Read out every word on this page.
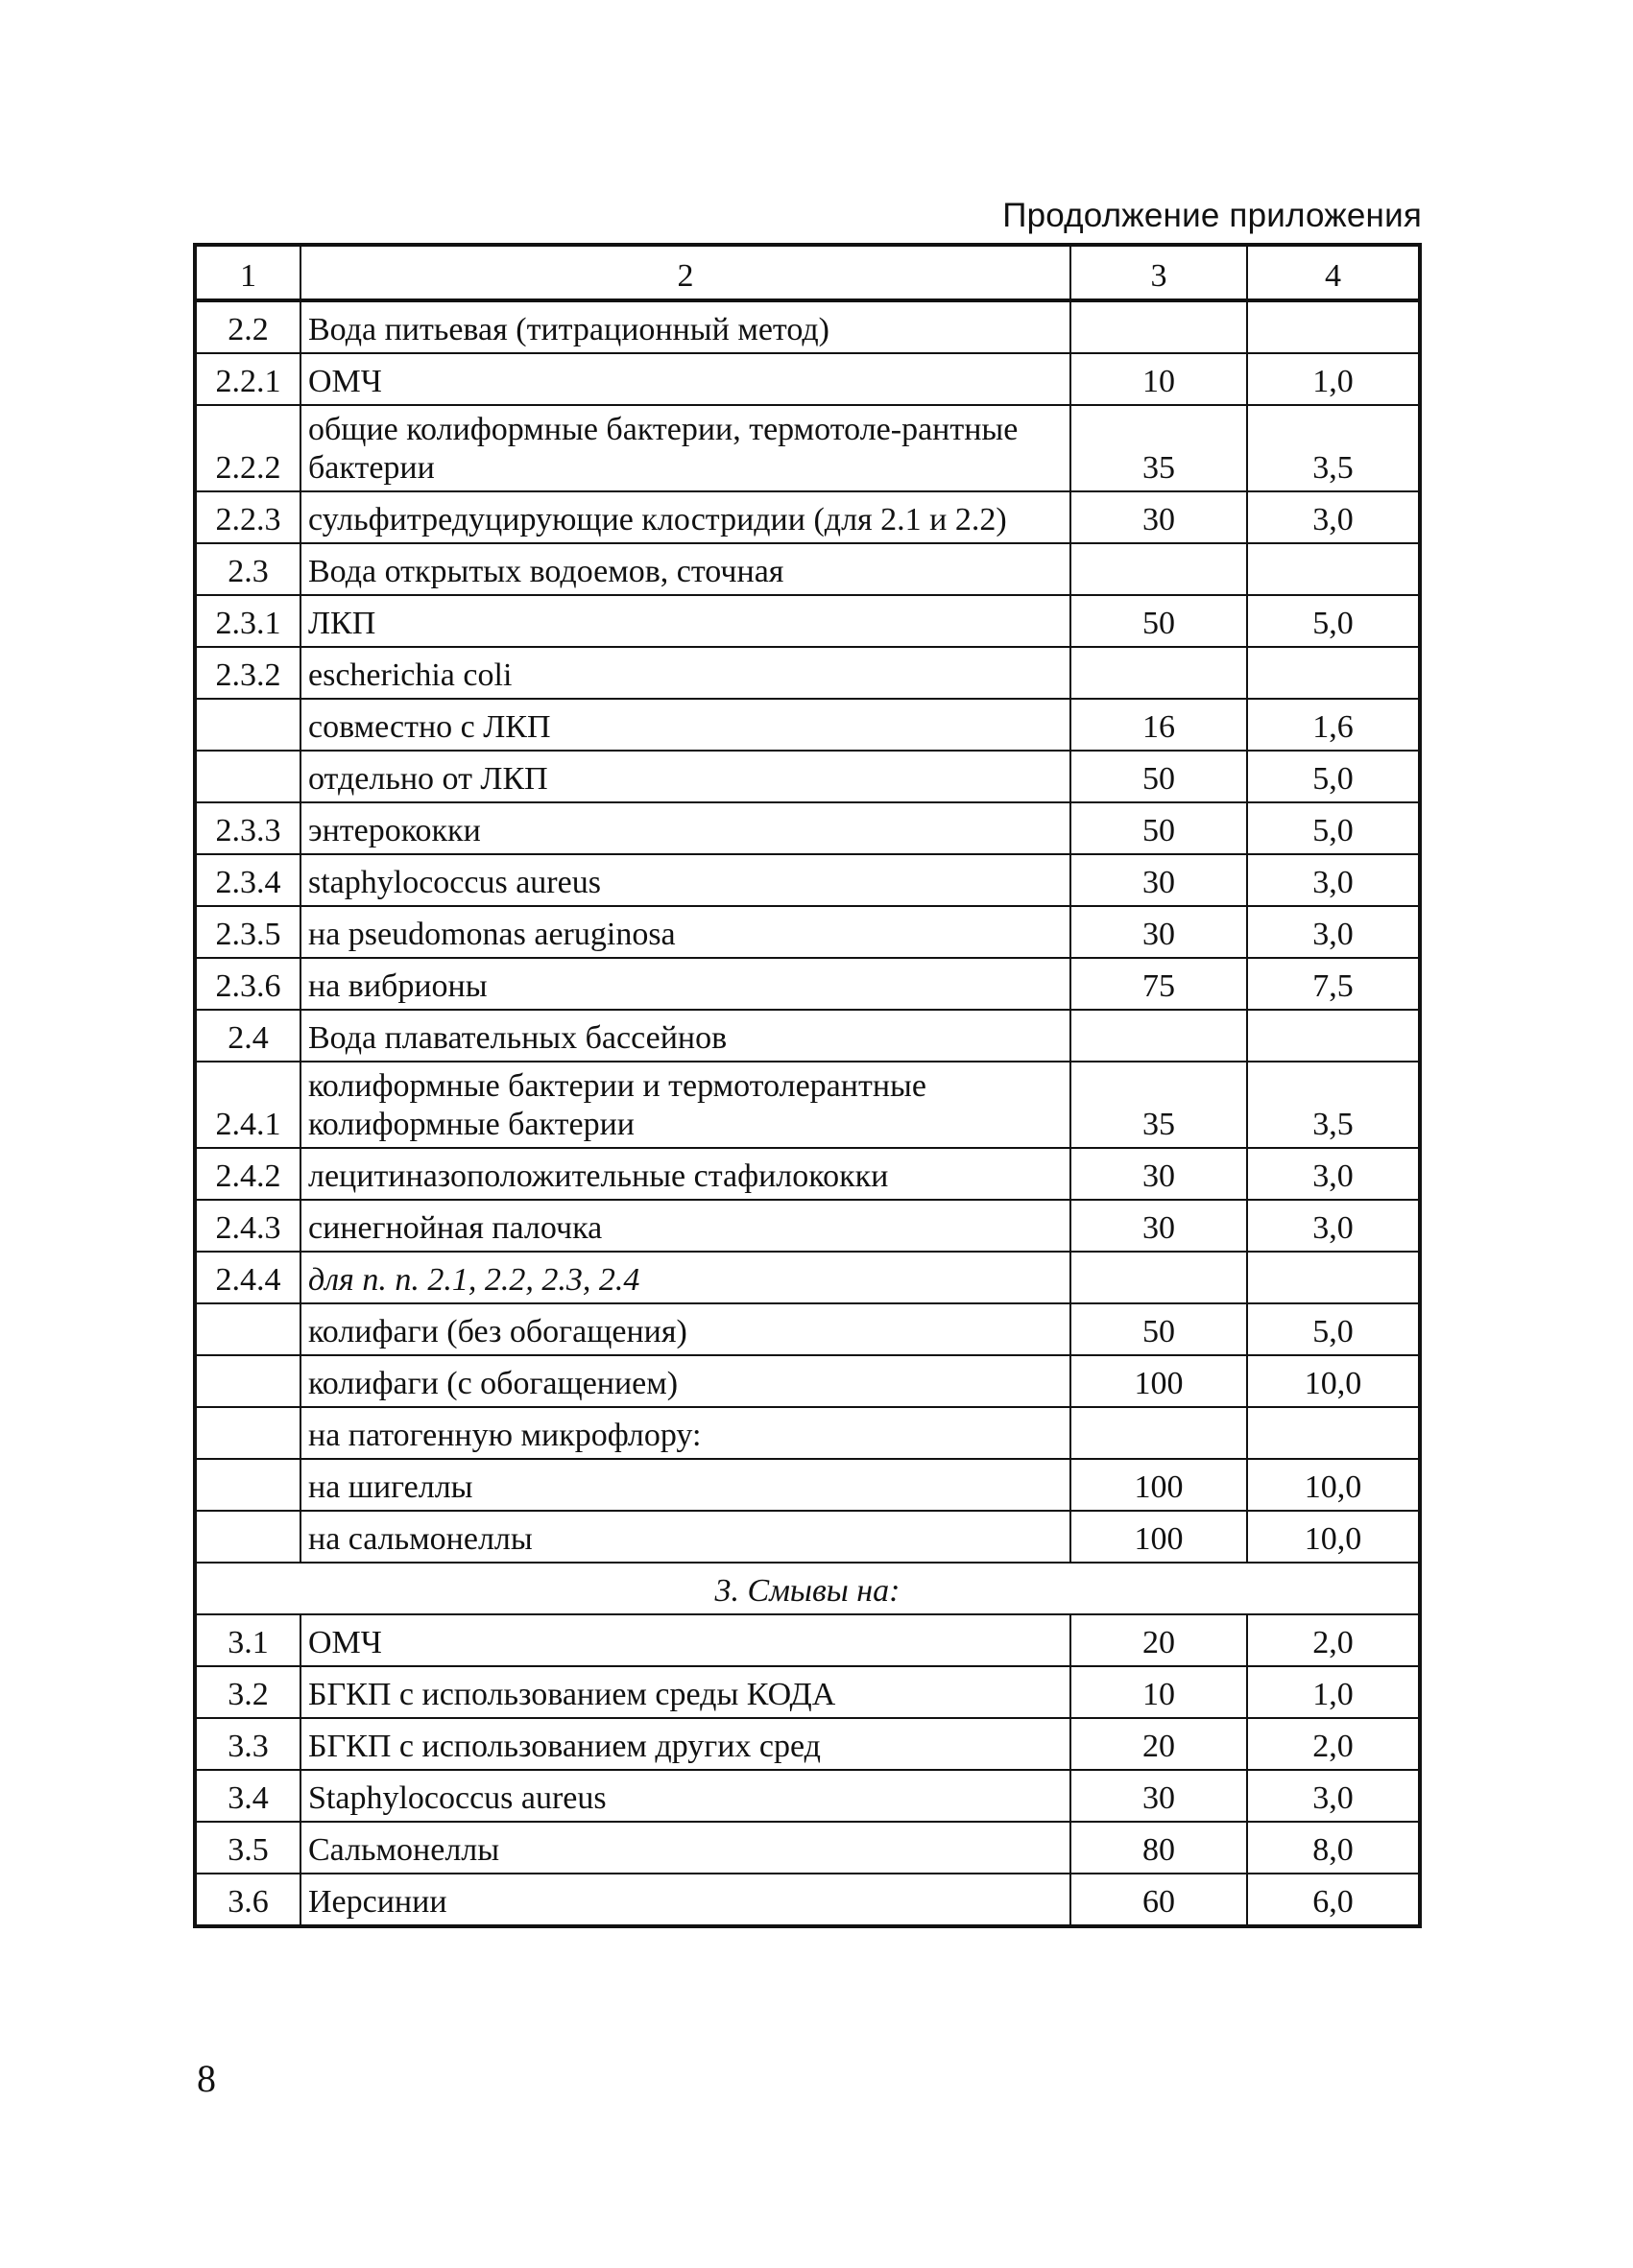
Продолжение приложения
1	2	3	4
2.2	Вода питьевая (титрационный метод)		
2.2.1	ОМЧ	10	1,0
2.2.2	общие колиформные бактерии, термотоле-рантные бактерии	35	3,5
2.2.3	сульфитредуцирующие клостридии (для 2.1 и 2.2)	30	3,0
2.3	Вода открытых водоемов, сточная		
2.3.1	ЛКП	50	5,0
2.3.2	escherichia coli		
	совместно с ЛКП	16	1,6
	отдельно от ЛКП	50	5,0
2.3.3	энтерококки	50	5,0
2.3.4	staphylococcus aureus	30	3,0
2.3.5	на pseudomonas aeruginosa	30	3,0
2.3.6	на вибрионы	75	7,5
2.4	Вода плавательных бассейнов		
2.4.1	колиформные бактерии и термотолерантные колиформные бактерии	35	3,5
2.4.2	лецитиназоположительные стафилококки	30	3,0
2.4.3	синегнойная палочка	30	3,0
2.4.4	для п. п. 2.1, 2.2, 2.3, 2.4		
	колифаги (без обогащения)	50	5,0
	колифаги (с обогащением)	100	10,0
	на патогенную микрофлору:		
	на шигеллы	100	10,0
	на сальмонеллы	100	10,0
3. Смывы на:			
3.1	ОМЧ	20	2,0
3.2	БГКП с использованием среды КОДА	10	1,0
3.3	БГКП с использованием других сред	20	2,0
3.4	Staphylococcus aureus	30	3,0
3.5	Сальмонеллы	80	8,0
3.6	Иерсинии	60	6,0
8
